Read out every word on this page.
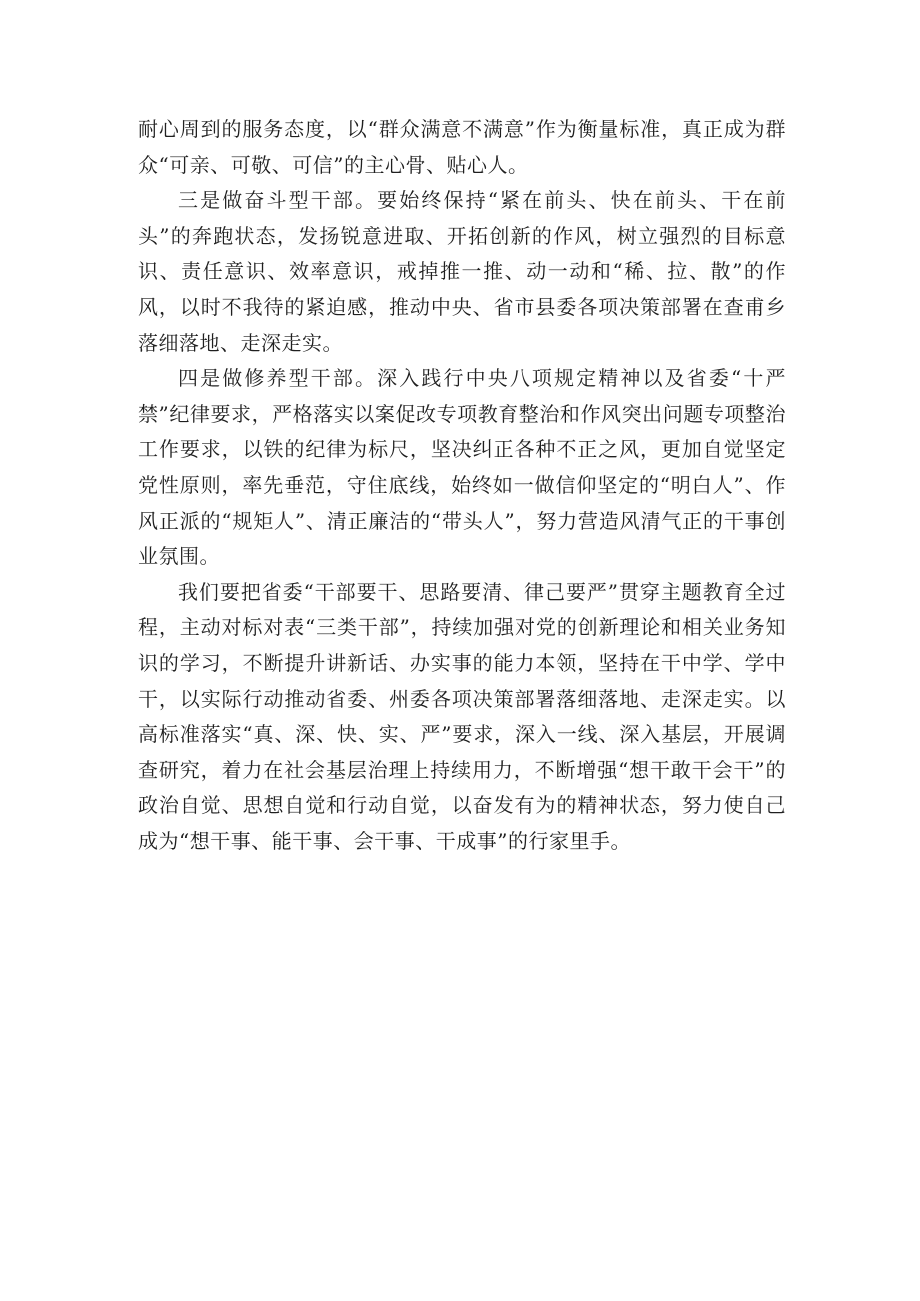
耐心周到的服务态度，以“群众满意不满意”作为衡量标准，真正成为群众“可亲、可敬、可信”的主心骨、贴心人。

三是做奋斗型干部。要始终保持“紧在前头、快在前头、干在前头”的奔跑状态，发扬锐意进取、开拓创新的作风，树立强烈的目标意识、责任意识、效率意识，戒掉推一推、动一动和“稀、拉、散”的作风，以时不我待的紧迫感，推动中央、省市县委各项决策部署在查甫乡落细落地、走深走实。

四是做修养型干部。深入践行中央八项规定精神以及省委“十严禁”纪律要求，严格落实以案促改专项教育整治和作风突出问题专项整治工作要求，以铁的纪律为标尺，坚决纠正各种不正之风，更加自觉坚定党性原则，率先垂范，守住底线，始终如一做信仰坚定的“明白人”、作风正派的“规矩人”、清正廉洁的“带头人”，努力营造风清气正的干事创业氛围。

我们要把省委“干部要干、思路要清、律己要严”贯穿主题教育全过程，主动对标对表“三类干部”，持续加强对党的创新理论和相关业务知识的学习，不断提升讲新话、办实事的能力本领，坚持在干中学、学中干，以实际行动推动省委、州委各项决策部署落细落地、走深走实。以高标准落实“真、深、快、实、严”要求，深入一线、深入基层，开展调查研究，着力在社会基层治理上持续用力，不断增强“想干敢干会干”的政治自觉、思想自觉和行动自觉，以奋发有为的精神状态，努力使自己成为“想干事、能干事、会干事、干成事”的行家里手。
